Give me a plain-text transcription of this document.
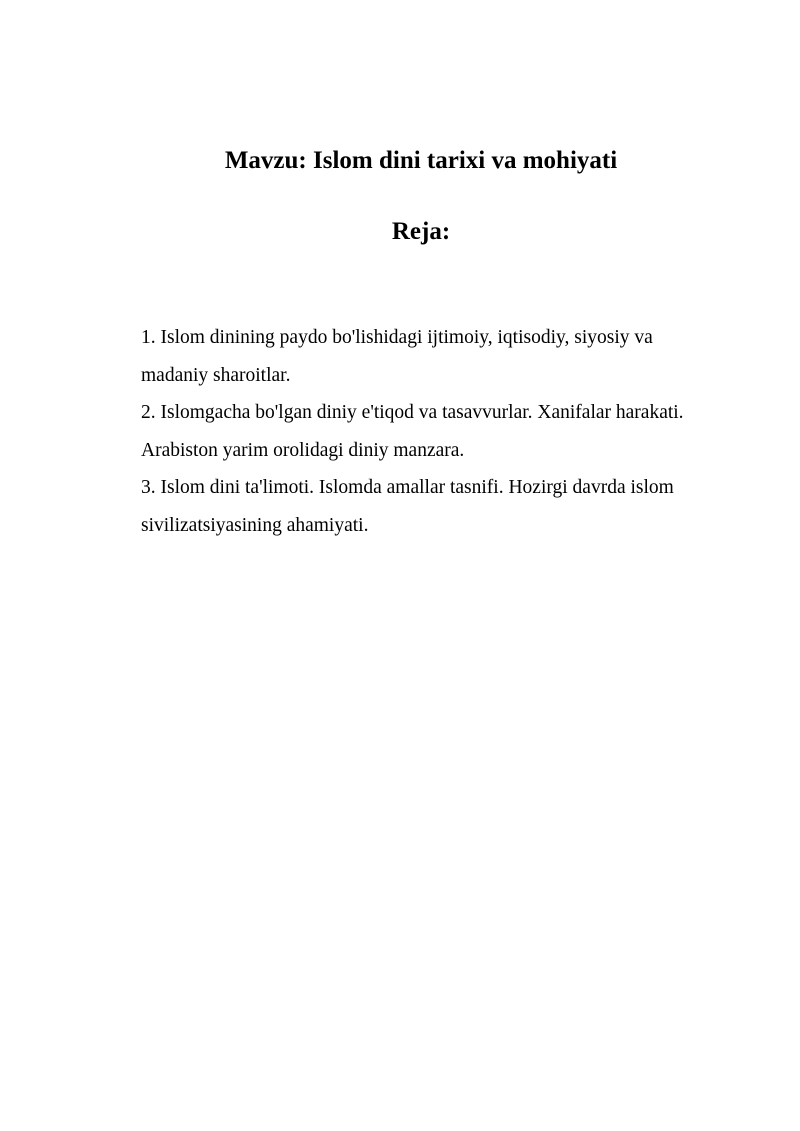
Mavzu: Islom dini tarixi va mohiyati
Reja:
1. Islom dinining paydo bo'lishidagi ijtimoiy, iqtisodiy, siyosiy va madaniy sharoitlar.
2. Islomgacha bo'lgan diniy e'tiqod va tasavvurlar. Xanifalar harakati. Arabiston yarim orolidagi diniy manzara.
3. Islom dini ta'limoti. Islomda amallar tasnifi. Hozirgi davrda islom sivilizatsiyasining ahamiyati.
